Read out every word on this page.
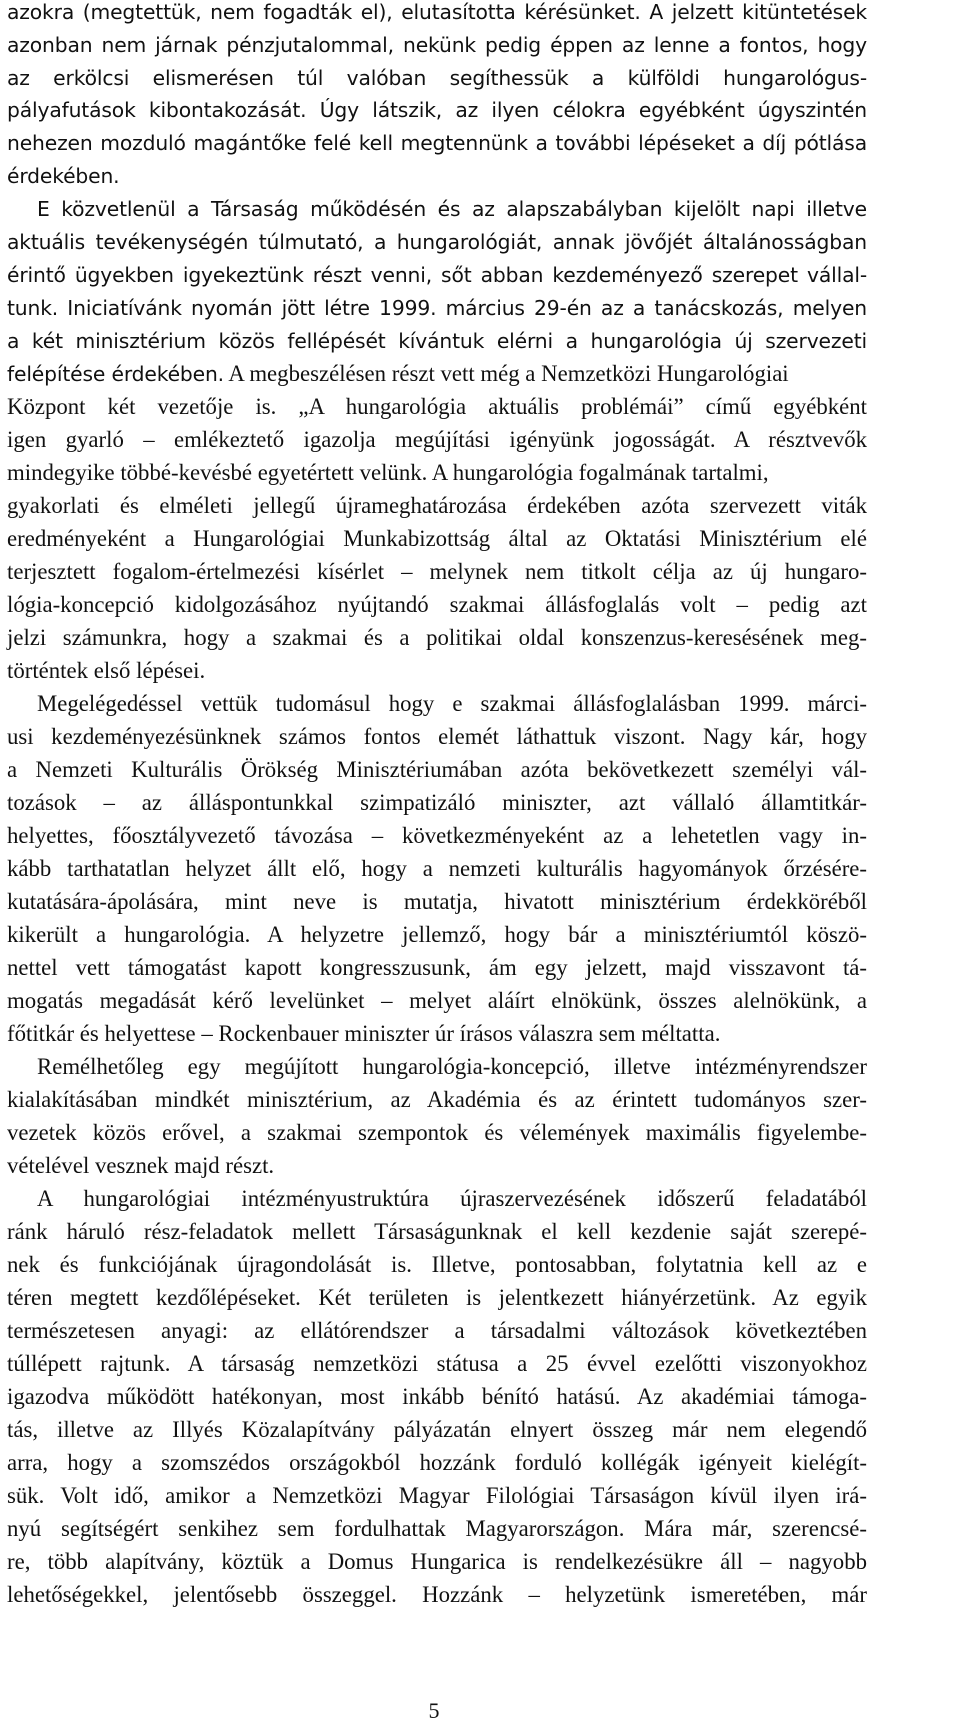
azokra (megtettük, nem fogadták el), elutasította kérésünket. A jelzett kitüntetések
azonban nem járnak pénzjutalommal, nekünk pedig éppen az lenne a fontos, hogy
az erkölcsi elismerésen túl valóban segíthessük a külföldi hungarológus-
pályafutások kibontakozását. Úgy látszik, az ilyen célokra egyébként úgyszintén
nehezen mozduló magántőke felé kell megtennünk a további lépéseket a díj pótlása
érdekében.
E közvetlenül a Társaság működésén és az alapszabályban kijelölt napi illetve
aktuális tevékenységén túlmutató, a hungarológiát, annak jövőjét általánosságban
érintő ügyekben igyekeztünk részt venni, sőt abban kezdeményező szerepet vállal-
tunk. Iniciatívánk nyomán jött létre 1999. március 29-én az a tanácskozás, melyen
a két minisztérium közös fellépését kívántuk elérni a hungarológia új szervezeti
felépítése érdekében. A megbeszélésen részt vett még a Nemzetközi Hungarológiai
Központ két vezetője is. „A hungarológia aktuális problémái” című egyébként
igen gyarló – emlékeztető igazolja megújítási igényünk jogosságát. A résztvevők
mindegyike többé-kevésbé egyetértett velünk. A hungarológia fogalmának tartalmi,
gyakorlati és elméleti jellegű újrameghatározása érdekében azóta szervezett viták
eredményeként a Hungarológiai Munkabizottság által az Oktatási Minisztérium elé
terjesztett fogalom-értelmezési kísérlet – melynek nem titkolt célja az új hungaro-
lógia-koncepció kidolgozásához nyújtandó szakmai állásfoglalás volt – pedig azt
jelzi számunkra, hogy a szakmai és a politikai oldal konszenzus-keresésének meg-
történtek első lépései.
Megelégedéssel vettük tudomásul hogy e szakmai állásfoglalásban 1999. márci-
usi kezdeményezésünknek számos fontos elemét láthattuk viszont. Nagy kár, hogy
a Nemzeti Kulturális Örökség Minisztériumában azóta bekövetkezett személyi vál-
tozások – az álláspontunkkal szimpatizáló miniszter, azt vállaló államtitkár-
helyettes, főosztályvezető távozása – következményeként az a lehetetlen vagy in-
kább tarthatatlan helyzet állt elő, hogy a nemzeti kulturális hagyományok őrzésére-
kutatására-ápolására, mint neve is mutatja, hivatott minisztérium érdekköréből
kikerült a hungarológia. A helyzetre jellemző, hogy bár a minisztériumtól köszö-
nettel vett támogatást kapott kongresszusunk, ám egy jelzett, majd visszavont tá-
mogatás megadását kérő levelünket – melyet aláírt elnökünk, összes alelnökünk, a
főtitkár és helyettese – Rockenbauer miniszter úr írásos válaszra sem méltatta.
Remélhetőleg egy megújított hungarológia-koncepció, illetve intézményrendszer
kialakításában mindkét minisztérium, az Akadémia és az érintett tudományos szer-
vezetek közös erővel, a szakmai szempontok és vélemények maximális figyelembe-
vételével vesznek majd részt.
A hungarológiai intézményustruktúra újraszervezésének időszerű feladatából
ránk háruló rész-feladatok mellett Társaságunknak el kell kezdenie saját szerepé-
nek és funkciójának újragondolását is. Illetve, pontosabban, folytatnia kell az e
téren megtett kezdőlépéseket. Két területen is jelentkezett hiányérzetünk. Az egyik
természetesen anyagi: az ellátórendszer a társadalmi változások következtében
túllépett rajtunk. A társaság nemzetközi státusa a 25 évvel ezelőtti viszonyokhoz
igazodva működött hatékonyan, most inkább bénító hatású. Az akadémiai támoga-
tás, illetve az Illyés Közalapítvány pályázatán elnyert összeg már nem elegendő
arra, hogy a szomszédos országokból hozzánk forduló kollégák igényeit kielégít-
sük. Volt idő, amikor a Nemzetközi Magyar Filológiai Társaságon kívül ilyen irá-
nyú segítségért senkihez sem fordulhattak Magyarországon. Mára már, szerencsé-
re, több alapítvány, köztük a Domus Hungarica is rendelkezésükre áll – nagyobb
lehetőségekkel, jelentősebb összeggel. Hozzánk – helyzetünk ismeretében, már
5
